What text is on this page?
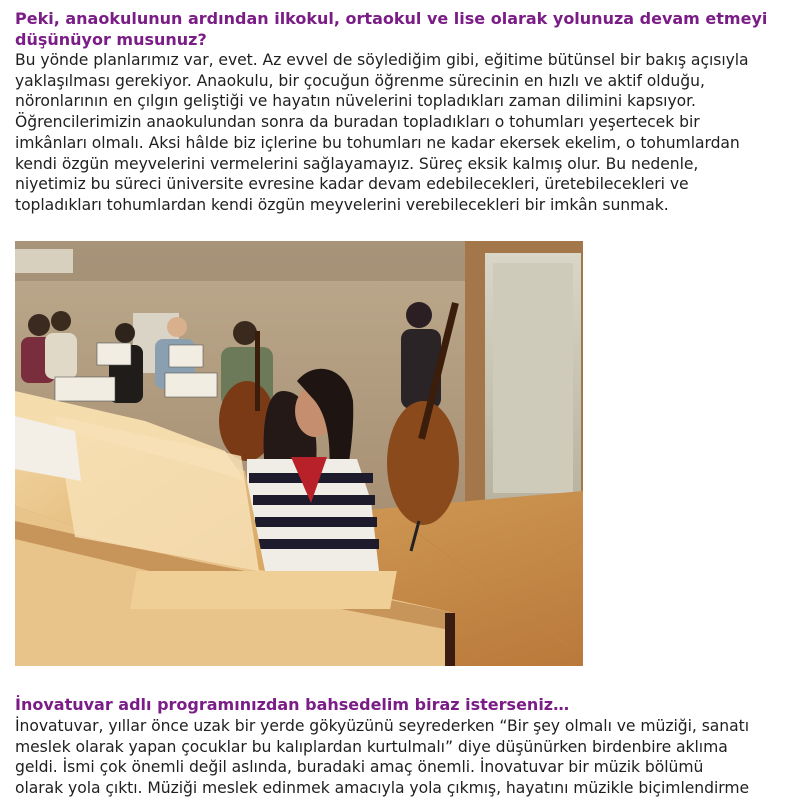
Peki, anaokulunun ardından ilkokul, ortaokul ve lise olarak yolunuza devam etmeyi
düşünüyor musunuz?

Bu yönde planlarımız var, evet. Az evvel de söylediğim gibi, eğitime bütünsel bir bakış açısıyla
yaklaşılması gerekiyor. Anaokulu, bir çocuğun öğrenme sürecinin en hızlı ve aktif olduğu,
nöronlarının en çılgın geliştiği ve hayatın nüvelerini topladıkları zaman dilimini kapsıyor.
Öğrencilerimizin anaokulundan sonra da buradan topladıkları o tohumları yeşertecek bir
imkânları olmalı. Aksi hâlde biz içlerine bu tohumları ne kadar ekersek ekelim, o tohumlardan
kendi özgün meyvelerini vermelerini sağlayamayız. Süreç eksik kalmış olur. Bu nedenle,
niyetimiz bu süreci üniversite evresine kadar devam edebilecekleri, üretebilecekleri ve
topladıkları tohumlardan kendi özgün meyvelerini verebilecekleri bir imkân sunmak.

İnovatuvar adlı programınızdan bahsedelim biraz isterseniz…

İnovatuvar, yıllar önce uzak bir yerde gökyüzünü seyrederken “Bir şey olmalı ve müziği, sanatı
meslek olarak yapan çocuklar bu kalıplardan kurtulmalı” diye düşünürken birdenbire aklıma
geldi. İsmi çok önemli değil aslında, buradaki amaç önemli. İnovatuvar bir müzik bölümü
olarak yola çıktı. Müziği meslek edinmek amacıyla yola çıkmış, hayatını müzikle biçimlendirme
